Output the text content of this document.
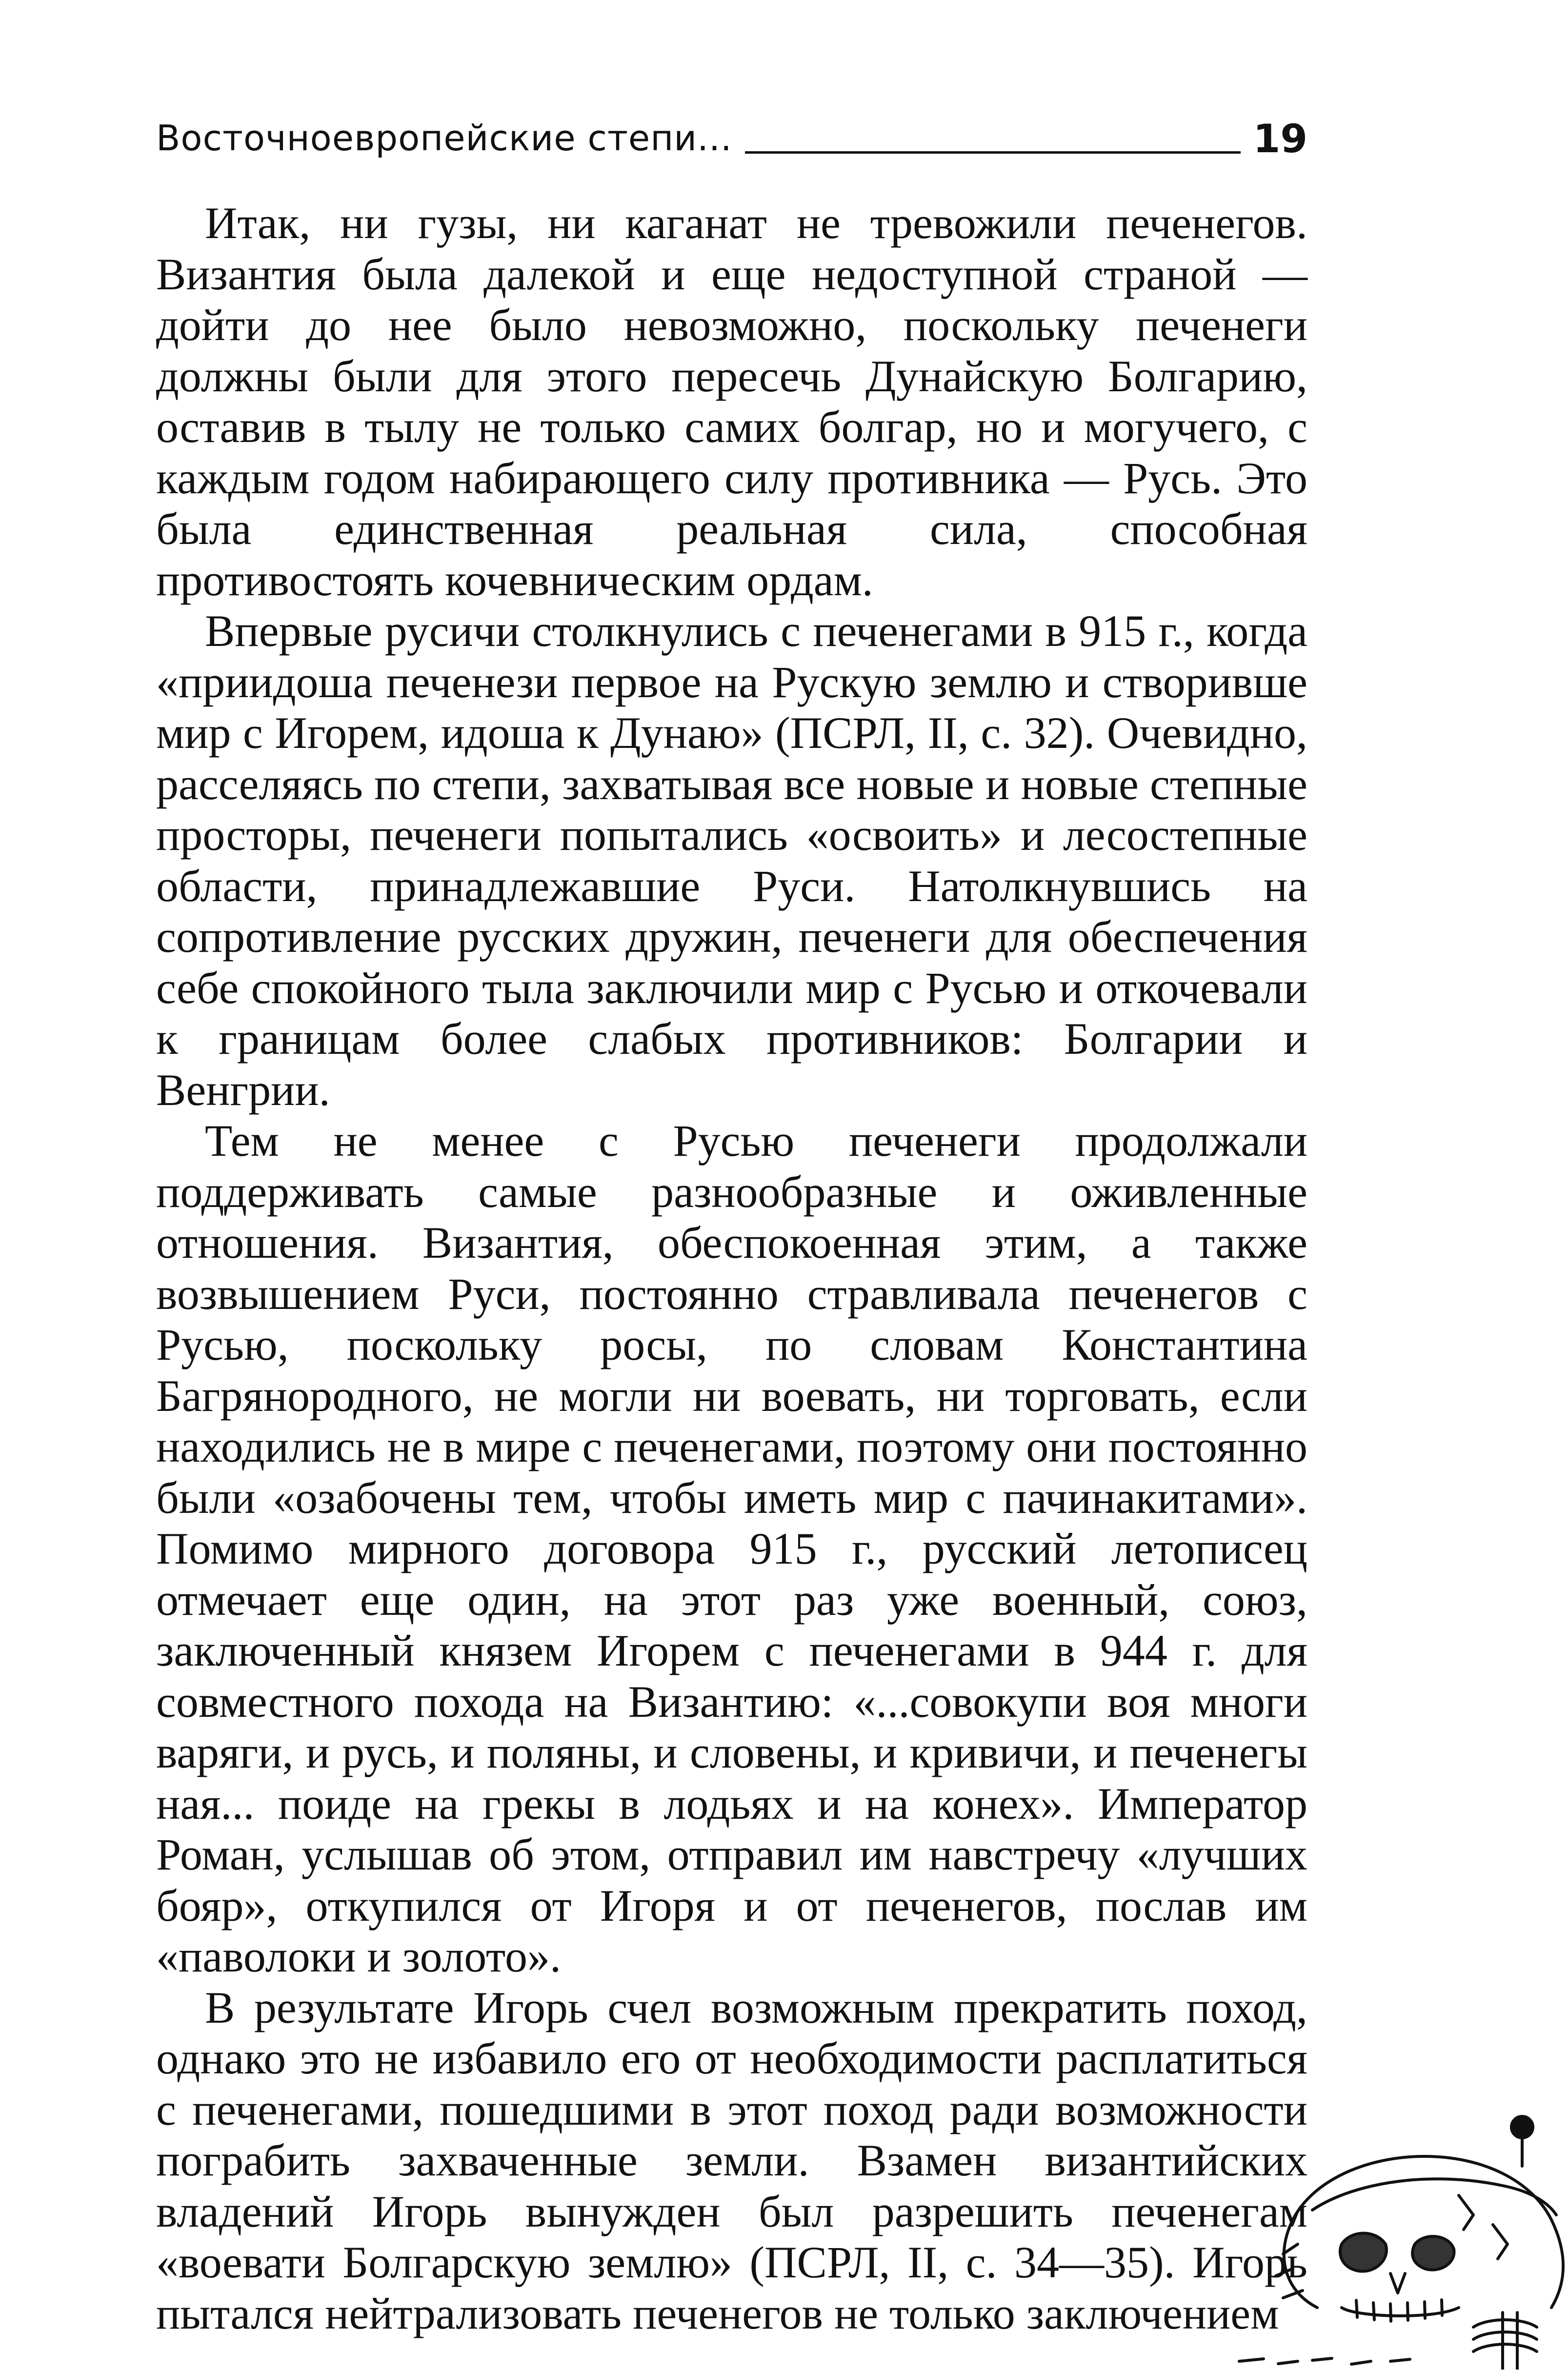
Восточноевропейские степи...	19

Итак, ни гузы, ни каганат не тревожили печенегов. Византия была далекой и еще недоступной страной — дойти до нее было невозможно, поскольку печенеги должны были для этого пересечь Дунайскую Болгарию, оставив в тылу не только самих болгар, но и могучего, с каждым годом набирающего силу противника — Русь. Это была единственная реальная сила, способная противостоять кочевническим ордам.

Впервые русичи столкнулись с печенегами в 915 г., когда «приидоша печенези первое на Рускую землю и створивше мир с Игорем, идоша к Дунаю» (ПСРЛ, II, с. 32). Очевидно, расселяясь по степи, захватывая все новые и новые степные просторы, печенеги попытались «освоить» и лесостепные области, принадлежавшие Руси. Натолкнувшись на сопротивление русских дружин, печенеги для обеспечения себе спокойного тыла заключили мир с Русью и откочевали к границам более слабых противников: Болгарии и Венгрии.

Тем не менее с Русью печенеги продолжали поддерживать самые разнообразные и оживленные отношения. Византия, обеспокоенная этим, а также возвышением Руси, постоянно стравливала печенегов с Русью, поскольку росы, по словам Константина Багрянородного, не могли ни воевать, ни торговать, если находились не в мире с печенегами, поэтому они постоянно были «озабочены тем, чтобы иметь мир с пачинакитами». Помимо мирного договора 915 г., русский летописец отмечает еще один, на этот раз уже военный, союз, заключенный князем Игорем с печенегами в 944 г. для совместного похода на Византию: «...совокупи воя многи варяги, и русь, и поляны, и словены, и кривичи, и печенегы ная... поиде на грекы в лодьях и на конех». Император Роман, услышав об этом, отправил им навстречу «лучших бояр», откупился от Игоря и от печенегов, послав им «паволоки и золото».

В результате Игорь счел возможным прекратить поход, однако это не избавило его от необходимости расплатиться с печенегами, пошедшими в этот поход ради возможности пограбить захваченные земли. Взамен византийских владений Игорь вынужден был разрешить печенегам «воевати Болгарскую землю» (ПСРЛ, II, с. 34—35). Игорь пытался нейтрализовать печенегов не только заключением
